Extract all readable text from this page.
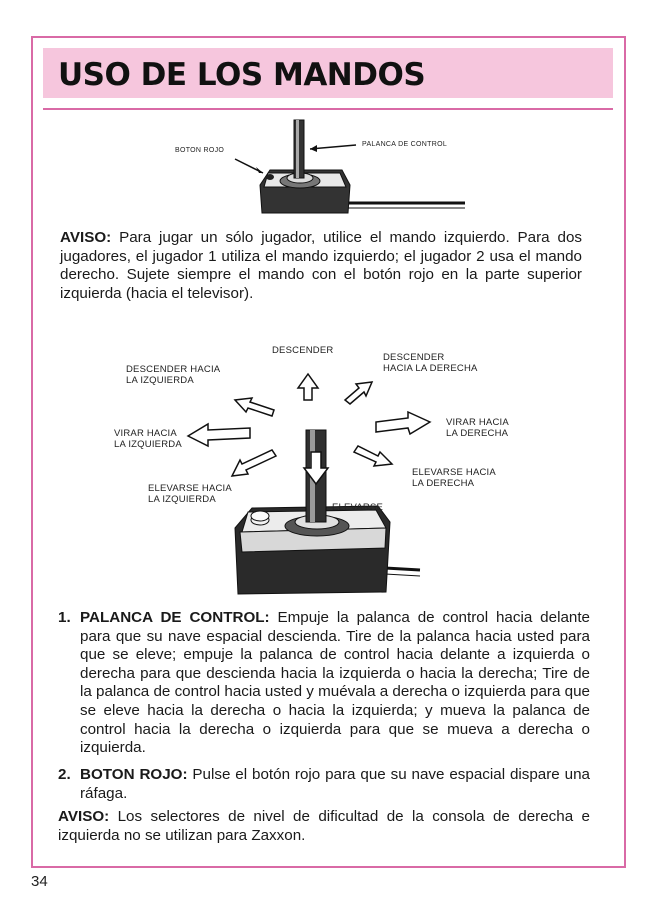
USO DE LOS MANDOS
BOTON ROJO
PALANCA DE CONTROL

AVISO: Para jugar un sólo jugador, utilice el mando izquierdo. Para dos jugadores, el jugador 1 utiliza el mando izquierdo; el jugador 2 usa el mando derecho. Sujete siempre el mando con el botón rojo en la parte superior izquierda (hacia el televisor).

DESCENDER
DESCENDER HACIA
LA IZQUIERDA
DESCENDER
HACIA LA DERECHA
VIRAR HACIA
LA IZQUIERDA
VIRAR HACIA
LA DERECHA
ELEVARSE HACIA
LA IZQUIERDA
ELEVARSE HACIA
LA DERECHA
ELEVARSE
1. PALANCA DE CONTROL: Empuje la palanca de control hacia delante para que su nave espacial descienda. Tire de la palanca hacia usted para que se eleve; empuje la palanca de control hacia delante a izquierda o derecha para que descienda hacia la izquierda o hacia la derecha; Tire de la palanca de control hacia usted y muévala a derecha o izquierda para que se eleve hacia la derecha o hacia la izquierda; y mueva la palanca de control hacia la derecha o izquierda para que se mueva a derecha o izquierda.

2. BOTON ROJO: Pulse el botón rojo para que su nave espacial dispare una ráfaga.

AVISO: Los selectores de nivel de dificultad de la consola de derecha e izquierda no se utilizan para Zaxxon.

34
